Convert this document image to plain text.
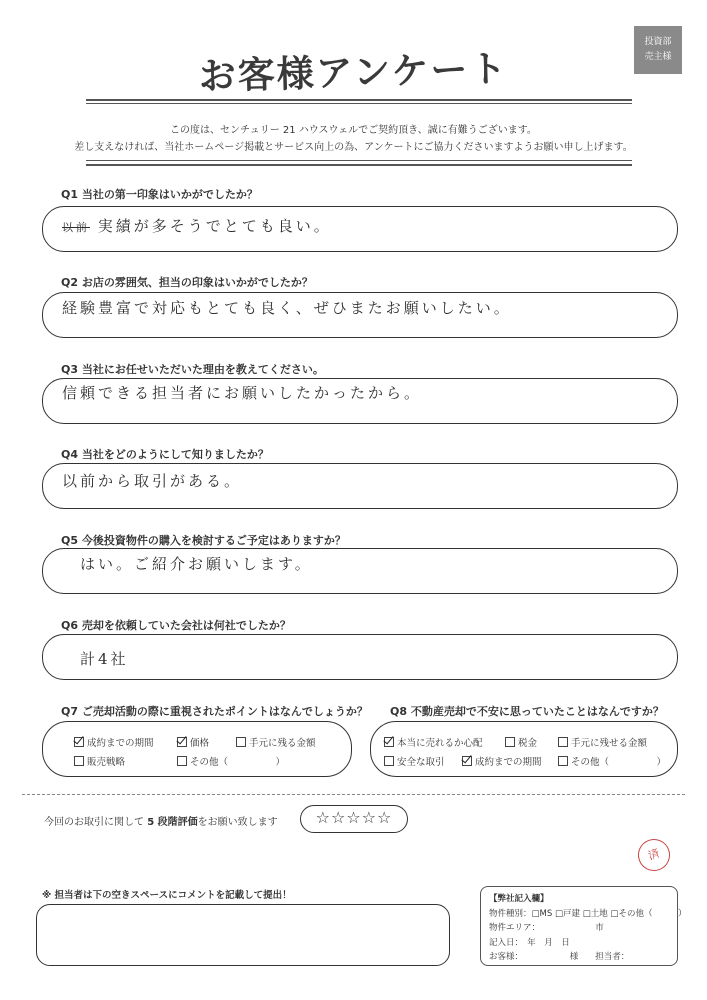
お客様アンケート
投資部
売主様
この度は、センチュリー 21 ハウスウェルでご契約頂き、誠に有難うございます。
差し支えなければ、当社ホームページ掲載とサービス向上の為、アンケートにご協力くださいますようお願い申し上げます。
Q1 当社の第一印象はいかがでしたか？
以前 実績が多そうでとても良い。
Q2 お店の雰囲気、担当の印象はいかがでしたか？
経験豊富で対応もとても良く、ぜひまたお願いしたい。
Q3 当社にお任せいただいた理由を教えてください。
信頼できる担当者にお願いしたかったから。
Q4 当社をどのようにして知りましたか？
以前から取引がある。
Q5 今後投資物件の購入を検討するご予定はありますか？
はい。ご紹介お願いします。
Q6 売却を依頼していた会社は何社でしたか？
計4社
Q7 ご売却活動の際に重視されたポイントはなんでしょうか？
成約までの期間	価格	手元に残る金額
販売戦略	その他（　　　　　）
Q8 不動産売却で不安に思っていたことはなんですか？
本当に売れるか心配	税金	手元に残せる金額
安全な取引	成約までの期間	その他（　　　　　）
今回のお取引に関して 5 段階評価をお願い致します	☆☆☆☆☆
済
※ 担当者は下の空きスペースにコメントを記載して提出！	【弊社記入欄】
物件種別：□MS □戸建 □土地 □その他（　　　）
物件エリア：　　　　　　　市
記入日：　年　月　日
お客様：　　　　　　様　　担当者：
